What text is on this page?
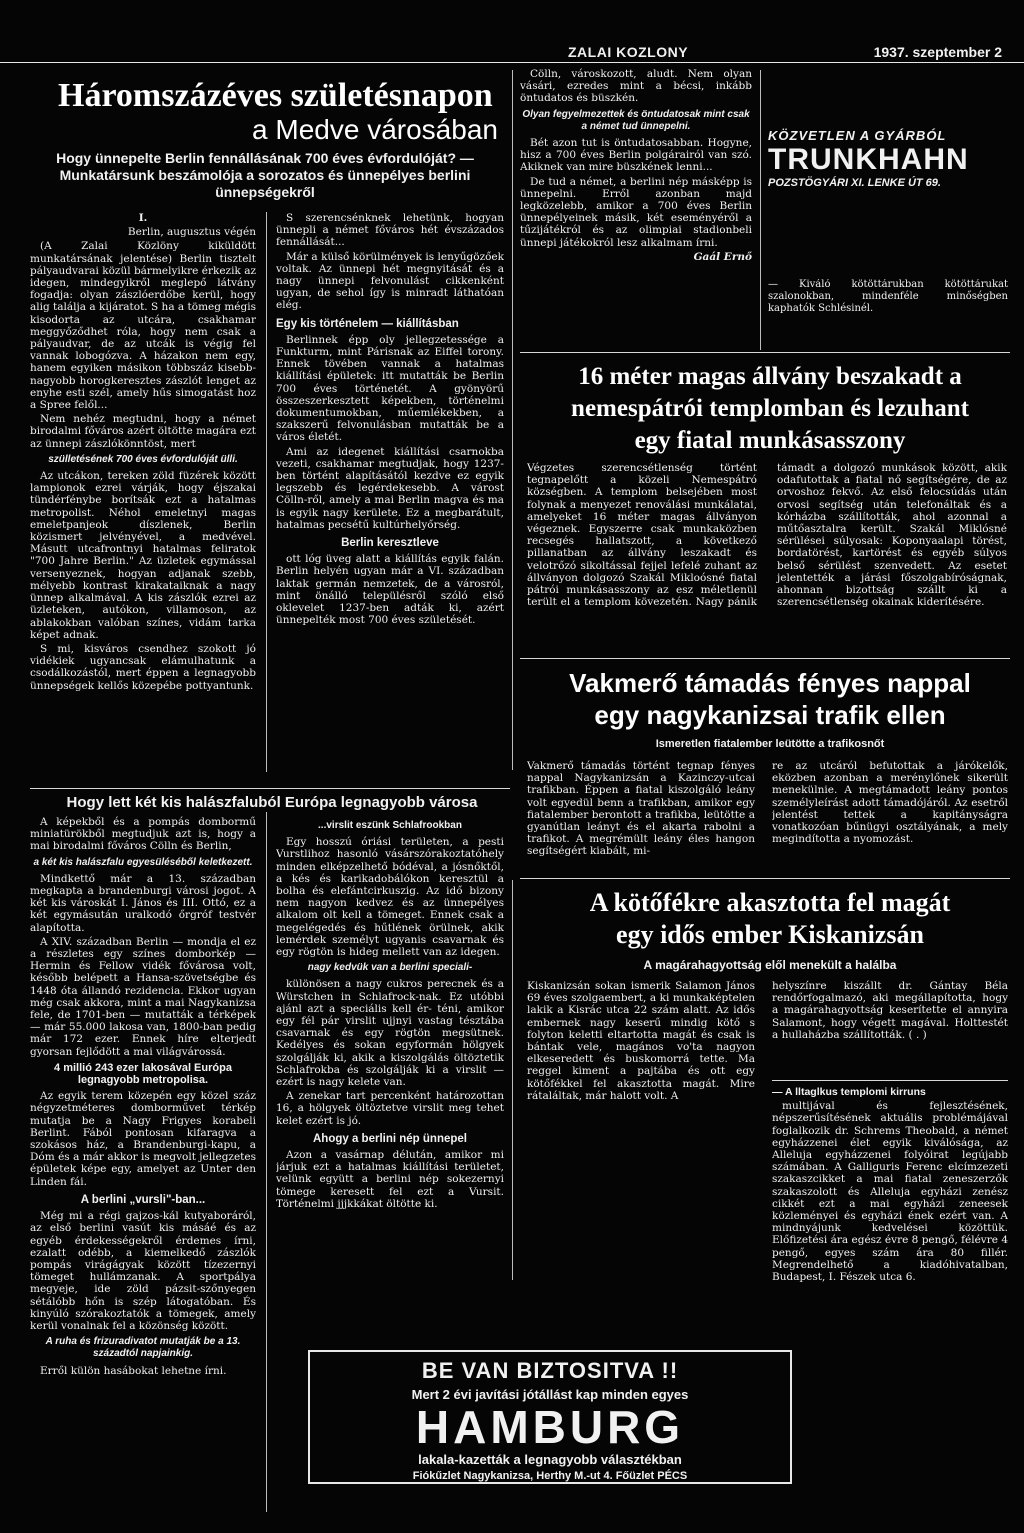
ZALAI KOZLONY	1937. szeptember 2
Háromszázéves születésnapon
a Medve városában
Hogy ünnepelte Berlin fennállásának 700 éves évfordulóját? — Munkatársunk beszámolója a sorozatos és ünnepélyes berlini ünnepségekről

I.

Berlin, augusztus végén

(A Zalai Közlöny kiküldött munkatársának jelentése) Berlin tisztelt pályaudvarai közül bármelyikre érkezik az idegen, mindegyikről meglepő látvány fogadja: olyan zászlóerdőbe kerül, hogy alig találja a kijáratot. S ha a tömeg mégis kisodorta az utcára, csakhamar meggyőződhet róla, hogy nem csak a pályaudvar, de az utcák is végig fel vannak lobogózva. A házakon nem egy, hanem egyiken másikon többszáz kisebb-nagyobb horogkeresztes zászlót lenget az enyhe esti szél, amely hűs simogatást hoz a Spree felől...

Nem nehéz megtudni, hogy a német birodalmi főváros azért öltötte magára ezt az ünnepi zászlókönntöst, mert

szülletésének 700 éves évfordulóját ülli.

Az utcákon, tereken zöld füzérek között lampionok ezrei várják, hogy éjszakai tündérfénybe borítsák ezt a hatalmas metropolist. Néhol emeletnyi magas emeletpanjeok díszlenek, Berlin közismert jelvényével, a medvével. Másutt utcafrontnyi hatalmas feliratok "700 Jahre Berlin." Az üzletek egymással versenyeznek, hogyan adjanak szebb, mélyebb kontrast kirakataiknak a nagy ünnep alkalmával. A kis zászlók ezrei az üzleteken, autókon, villamoson, az ablakokban valóban színes, vidám tarka képet adnak.

S mi, kisváros csendhez szokott jó vidékiek ugyancsak elámulhatunk a csodálkozástól, mert éppen a legnagyobb ünnepségek kellős közepébe pottyantunk.

S szerencsénknek lehetünk, hogyan ünnepli a német főváros hét évszázados fennállását...

Már a külső körülmények is lenyűgözőek voltak. Az ünnepi hét megnyitását és a nagy ünnepi felvonulást cikkenként ugyan, de sehol így is minradt láthatóan elég.

Egy kis történelem — kiállításban

Berlinnek épp oly jellegzetessége a Funkturm, mint Párisnak az Eiffel torony. Ennek tövében vannak a hatalmas kiállítási épületek: itt mutatták be Berlin 700 éves történetét. A gyönyörű összeszerkesztett képekben, történelmi dokumentumokban, műemlékekben, a szakszerű felvonulásban mutatták be a város életét.

Ami az idegenet kiállítási csarnokba vezeti, csakhamar megtudjak, hogy 1237-ben történt alapításától kezdve ez egyik legszebb és legérdekesebb. A várost Cölln-ről, amely a mai Berlin magva és ma is egyik nagy kerülete. Ez a megbarátult, hatalmas pecsétű kultúrhelyőrség.

Berlin keresztleve

ott lóg üveg alatt a kiállítás egyik falán. Berlin helyén ugyan már a VI. században laktak germán nemzetek, de a városról, mint önálló településről szóló első oklevelet 1237-ben adták ki, azért ünnepelték most 700 éves születését.

Cölln, városkozott, aludt. Nem olyan vásári, ezredes mint a bécsi, inkább öntudatos és büszkén.

Olyan fegyelmezettek és öntudatosak mint csak a német tud ünnepelni.

Bét azon tut is öntudatosabban. Hogyne, hisz a 700 éves Berlin polgárairól van szó. Akiknek van mire büszkének lenni...

De tud a német, a berlini nép másképp is ünnepelni. Erről azonban majd legközelebb, amikor a 700 éves Berlin ünnepélyeinek másik, két eseményéről a tűzijátékról és az olimpiai stadionbeli ünnepi játékokról lesz alkalmam írni.

Gaál Ernő

KÖZVETLEN A GYÁRBÓL
TRUNKHAHN
POZSTÖGYÁRI XI. LENKE ÚT 69.
— Kiváló kötöttárukban kötöttárukat szalonokban, mindenféle minőségben kaphatók Schlésinél.
16 méter magas állvány beszakadt a
nemespátrói templomban és lezuhant
egy fiatal munkásasszony
Végzetes szerencsétlenség történt tegnapelőtt a közeli Nemespátró községben. A templom belsejében most folynak a menyezet renoválási munkálatai, amelyeket 16 méter magas állványon végeznek. Egyszerre csak munkaközben recsegés hallatszott, a következő pillanatban az állvány leszakadt és velotrőzó sikoltással fejjel lefelé zuhant az állványon dolgozó Szakál Mikloósné fiatal pátrói munkásasszony az esz méletlenül terült el a templom kövezetén. Nagy pánik támadt a dolgozó munkások között, akik odafutottak a fiatal nő segítségére, de az orvoshoz fekvő. Az első felocsúdás után orvosi segítség után telefonáltak és a kórházba szállították, ahol azonnal a műtőasztalra került. Szakál Miklósné sérülései súlyosak: Koponyaalapi törést, bordatörést, kartörést és egyéb súlyos belső sérülést szenvedett. Az esetet jelentették a járási főszolgabíróságnak, ahonnan bizottság szállt ki a szerencsétlenség okainak kiderítésére.
Vakmerő támadás fényes nappal
egy nagykanizsai trafik ellen
Ismeretlen fiatalember leütötte a trafikosnőt
Vakmerő támadás történt tegnap fényes nappal Nagykanizsán a Kazinczy-utcai trafikban. Éppen a fiatal kiszolgáló leány volt egyedül benn a trafikban, amikor egy fiatalember berontott a trafikba, leütötte a gyanútlan leányt és el akarta rabolni a trafikot. A megrémült leány éles hangon segítségért kiabált, mi-
re az utcáról befutottak a járókelők, eközben azonban a merénylőnek sikerült menekülnie. A megtámadott leány pontos személyleírást adott támadójáról. Az esetről jelentést tettek a kapitányságra vonatkozóan bűnügyi osztályának, a mely megindította a nyomozást.
Hogy lett két kis halászfaluból Európa legnagyobb városa

A képekből és a pompás dombormű miniatürökből megtudjuk azt is, hogy a mai birodalmi főváros Cölln és Berlin,

a két kis halászfalu egyesüléséből keletkezett.

Mindkettő már a 13. században megkapta a brandenburgi városi jogot. A két kis városkát I. János és III. Ottó, ez a két egymásután uralkodó őrgróf testvér alapította.

A XIV. században Berlin — mondja el ez a részletes egy színes domborkép — Hermin és Fellow vidék fővárosa volt, később belépett a Hansa-szövetségbe és 1448 óta állandó rezidencia. Ekkor ugyan még csak akkora, mint a mai Nagykanizsa fele, de 1701-ben — mutatták a térképek — már 55.000 lakosa van, 1800-ban pedig már 172 ezer. Ennek híre elterjedt gyorsan fejlődött a mai világvárossá.

4 millió 243 ezer lakosával Európa legnagyobb metropolisa.

Az egyik terem közepén egy közel száz négyzetméteres domborművet térkép mutatja be a Nagy Frigyes korabeli Berlint. Fából pontosan kifaragva a szokásos ház, a Brandenburgi-kapu, a Dóm és a már akkor is megvolt jellegzetes épületek képe egy, amelyet az Unter den Linden fái.

A berlini „vursli"-ban...

Még mi a régi gajzos-kál kutyaboráról, az első berlini vasút kis másáé és az egyéb érdekességekről érdemes írni, ezalatt odébb, a kiemelkedő zászlók pompás virágágyak között tízezernyi tömeget hullámzanak. A sportpálya megyeje, ide zöld pázsit-szőnyegen sétálóbb hőn is szép látogatóban. És kinyúló szórakoztatók a tömegek, amely kerül vonalnak fel a közönség között.

A ruha és frizuradivatot mutatják be a 13. századtól napjainkig.

Erről külön hasábokat lehetne írni.

...virslit eszünk Schlafrookban

Egy hosszú óriási területen, a pesti Vurstlihoz hasonló vásárszórakoztatóhely minden elképzelhető bódéval, a jósnőktől, a kés és karikadobálókon keresztül a bolha és elefántcirkuszig. Az idő bizony nem nagyon kedvez és az ünnepélyes alkalom olt kell a tömeget. Ennek csak a megelégedés és hűtlének örülnek, akik lemérdek személyt ugyanis csavarnak és egy rögtön is hideg mellett van az idegen.

nagy kedvük van a berlini speciali-

különösen a nagy cukros perecnek és a Würstchen in Schlafrock-nak. Ez utóbbi ajánl azt a speciális kell ér- téni, amikor egy fél pár virslit ujjnyi vastag tésztába csavarnak és egy rögtön megsütnek. Kedélyes és sokan egyformán hölgyek szolgálják ki, akik a kiszolgálás öltöztetik Schlafrokba és szolgálják ki a virslit — ezért is nagy kelete van.

A zenekar tart percenként határozottan 16, a hölgyek öltöztetve virslit meg tehet kelet ezért is jó.

Ahogy a berlini nép ünnepel

Azon a vasárnap délután, amikor mi járjuk ezt a hatalmas kiállítási területet, velünk együtt a berlini nép sokezernyi tömege keresett fel ezt a Vursit. Történelmi jjjkkákat öltötte ki.

A kötőfékre akasztotta fel magát
egy idős ember Kiskanizsán
A magárahagyottság elől menekült a halálba
Kiskanizsán sokan ismerik Salamon János 69 éves szolgaembert, a ki munkaképtelen lakik a Kisrác utca 22 szám alatt. Az idős embernek nagy keserű mindig kötő s folyton keletti eltartotta magát és csak is bántak vele, magános vo'ta nagyon elkeseredett és buskomorrá tette. Ma reggel kiment a pajtába és ott egy kötőfékkel fel akasztotta magát. Mire rátaláltak, már halott volt. A
helyszínre kiszállt dr. Gántay Béla rendőrfogalmazó, aki megállapította, hogy a magárahagyottság keserítette el annyira Salamont, hogy végett magával. Holttestét a hullaházba szállították. ( . )

— A lltaglkus templomi kirruns

multijával és fejlesztésének, népszerűsítésének aktuális problémájával foglalkozik dr. Schrems Theobald, a német egyházzenei élet egyik kiválósága, az Alleluja egyházzenei folyóirat legújabb számában. A Galliguris Ferenc elcímzezeti szakaszcikket a mai fiatal zeneszerzők szakaszolott és Alleluja egyházi zenész cikkét ezt a mai egyházi zeneesek közleményei és egyházi ének ezért van. A mindnyájunk kedvelései közöttük. Előfizetési ára egész évre 8 pengő, félévre 4 pengő, egyes szám ára 80 fillér. Megrendelhető a kiadóhivatalban, Budapest, I. Fészek utca 6.

BE VAN BIZTOSITVA !!
Mert 2 évi javítási jótállást kap minden egyes
HAMBURG
lakala-kazetták a legnagyobb választékban
Fiókűzlet Nagykanizsa, Herthy M.-ut 4. Főüzlet PÉCS
